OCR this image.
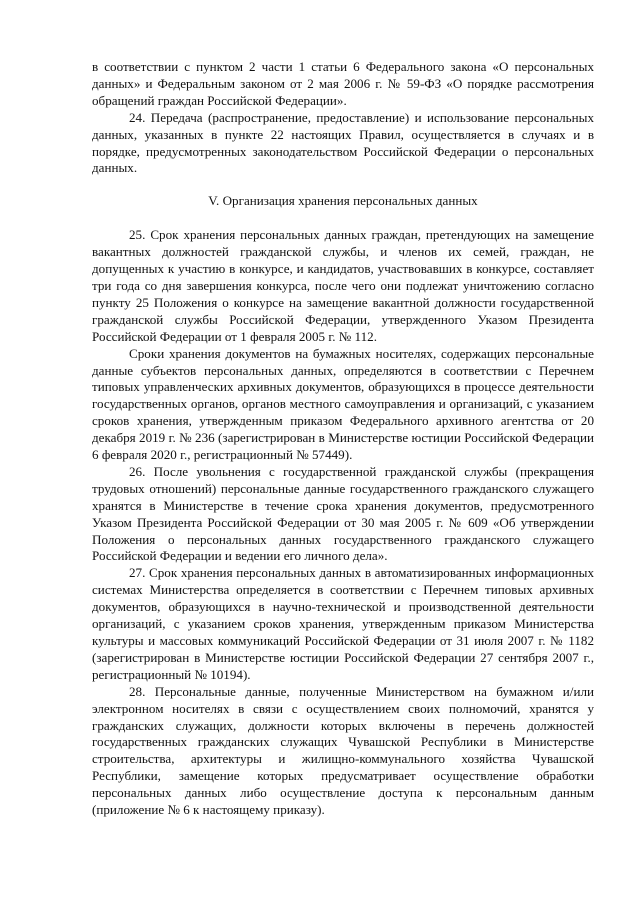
в соответствии с пунктом 2 части 1 статьи 6 Федерального закона «О персональных данных» и Федеральным законом от 2 мая 2006 г. № 59-ФЗ «О порядке рассмотрения обращений граждан Российской Федерации».

24. Передача (распространение, предоставление) и использование персональных данных, указанных в пункте 22 настоящих Правил, осуществляется в случаях и в порядке, предусмотренных законодательством Российской Федерации о персональных данных.

V. Организация хранения персональных данных

25. Срок хранения персональных данных граждан, претендующих на замещение вакантных должностей гражданской службы, и членов их семей, граждан, не допущенных к участию в конкурсе, и кандидатов, участвовавших в конкурсе, составляет три года со дня завершения конкурса, после чего они подлежат уничтожению согласно пункту 25 Положения о конкурсе на замещение вакантной должности государственной гражданской службы Российской Федерации, утвержденного Указом Президента Российской Федерации от 1 февраля 2005 г. № 112.

Сроки хранения документов на бумажных носителях, содержащих персональные данные субъектов персональных данных, определяются в соответствии с Перечнем типовых управленческих архивных документов, образующихся в процессе деятельности государственных органов, органов местного самоуправления и организаций, с указанием сроков хранения, утвержденным приказом Федерального архивного агентства от 20 декабря 2019 г. № 236 (зарегистрирован в Министерстве юстиции Российской Федерации 6 февраля 2020 г., регистрационный № 57449).

26. После увольнения с государственной гражданской службы (прекращения трудовых отношений) персональные данные государственного гражданского служащего хранятся в Министерстве в течение срока хранения документов, предусмотренного Указом Президента Российской Федерации от 30 мая 2005 г. № 609 «Об утверждении Положения о персональных данных государственного гражданского служащего Российской Федерации и ведении его личного дела».

27. Срок хранения персональных данных в автоматизированных информационных системах Министерства определяется в соответствии с Перечнем типовых архивных документов, образующихся в научно-технической и производственной деятельности организаций, с указанием сроков хранения, утвержденным приказом Министерства культуры и массовых коммуникаций Российской Федерации от 31 июля 2007 г. № 1182 (зарегистрирован в Министерстве юстиции Российской Федерации 27 сентября 2007 г., регистрационный № 10194).

28. Персональные данные, полученные Министерством на бумажном и/или электронном носителях в связи с осуществлением своих полномочий, хранятся у гражданских служащих, должности которых включены в перечень должностей государственных гражданских служащих Чувашской Республики в Министерстве строительства, архитектуры и жилищно-коммунального хозяйства Чувашской Республики, замещение которых предусматривает осуществление обработки персональных данных либо осуществление доступа к персональным данным (приложение № 6 к настоящему приказу).
